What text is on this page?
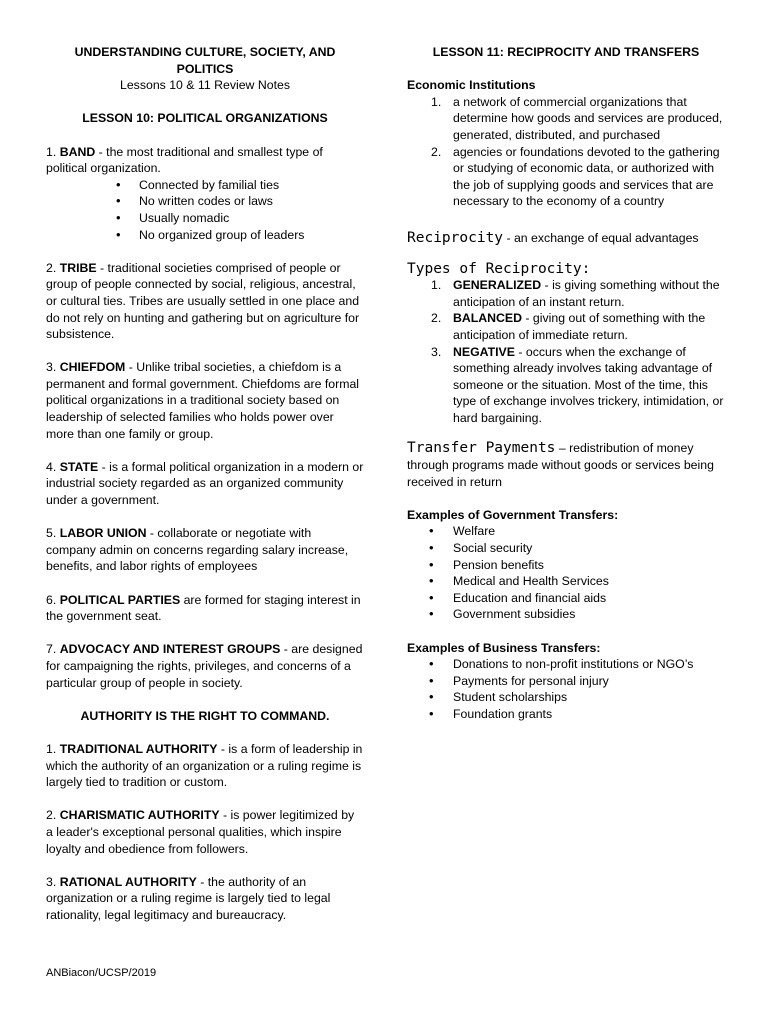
UNDERSTANDING CULTURE, SOCIETY, AND POLITICS

Lessons 10 & 11 Review Notes

LESSON 10: POLITICAL ORGANIZATIONS

1. BAND - the most traditional and smallest type of political organization.

• Connected by familial ties
• No written codes or laws
• Usually nomadic
• No organized group of leaders

2. TRIBE - traditional societies comprised of people or group of people connected by social, religious, ancestral, or cultural ties. Tribes are usually settled in one place and do not rely on hunting and gathering but on agriculture for subsistence.

3. CHIEFDOM - Unlike tribal societies, a chiefdom is a permanent and formal government. Chiefdoms are formal political organizations in a traditional society based on leadership of selected families who holds power over more than one family or group.

4. STATE - is a formal political organization in a modern or industrial society regarded as an organized community under a government.

5. LABOR UNION - collaborate or negotiate with company admin on concerns regarding salary increase, benefits, and labor rights of employees

6. POLITICAL PARTIES are formed for staging interest in the government seat.

7. ADVOCACY AND INTEREST GROUPS - are designed for campaigning the rights, privileges, and concerns of a particular group of people in society.

AUTHORITY IS THE RIGHT TO COMMAND.

1. TRADITIONAL AUTHORITY - is a form of leadership in which the authority of an organization or a ruling regime is largely tied to tradition or custom.

2. CHARISMATIC AUTHORITY - is power legitimized by a leader's exceptional personal qualities, which inspire loyalty and obedience from followers.

3. RATIONAL AUTHORITY - the authority of an organization or a ruling regime is largely tied to legal rationality, legal legitimacy and bureaucracy.

LESSON 11: RECIPROCITY AND TRANSFERS

Economic Institutions

1. a network of commercial organizations that determine how goods and services are produced, generated, distributed, and purchased
2. agencies or foundations devoted to the gathering or studying of economic data, or authorized with the job of supplying goods and services that are necessary to the economy of a country

Reciprocity - an exchange of equal advantages

Types of Reciprocity:

1. GENERALIZED - is giving something without the anticipation of an instant return.
2. BALANCED - giving out of something with the anticipation of immediate return.
3. NEGATIVE - occurs when the exchange of something already involves taking advantage of someone or the situation. Most of the time, this type of exchange involves trickery, intimidation, or hard bargaining.

Transfer Payments – redistribution of money through programs made without goods or services being received in return

Examples of Government Transfers:

• Welfare
• Social security
• Pension benefits
• Medical and Health Services
• Education and financial aids
• Government subsidies

Examples of Business Transfers:

• Donations to non-profit institutions or NGO’s
• Payments for personal injury
• Student scholarships
• Foundation grants
ANBiacon/UCSP/2019
